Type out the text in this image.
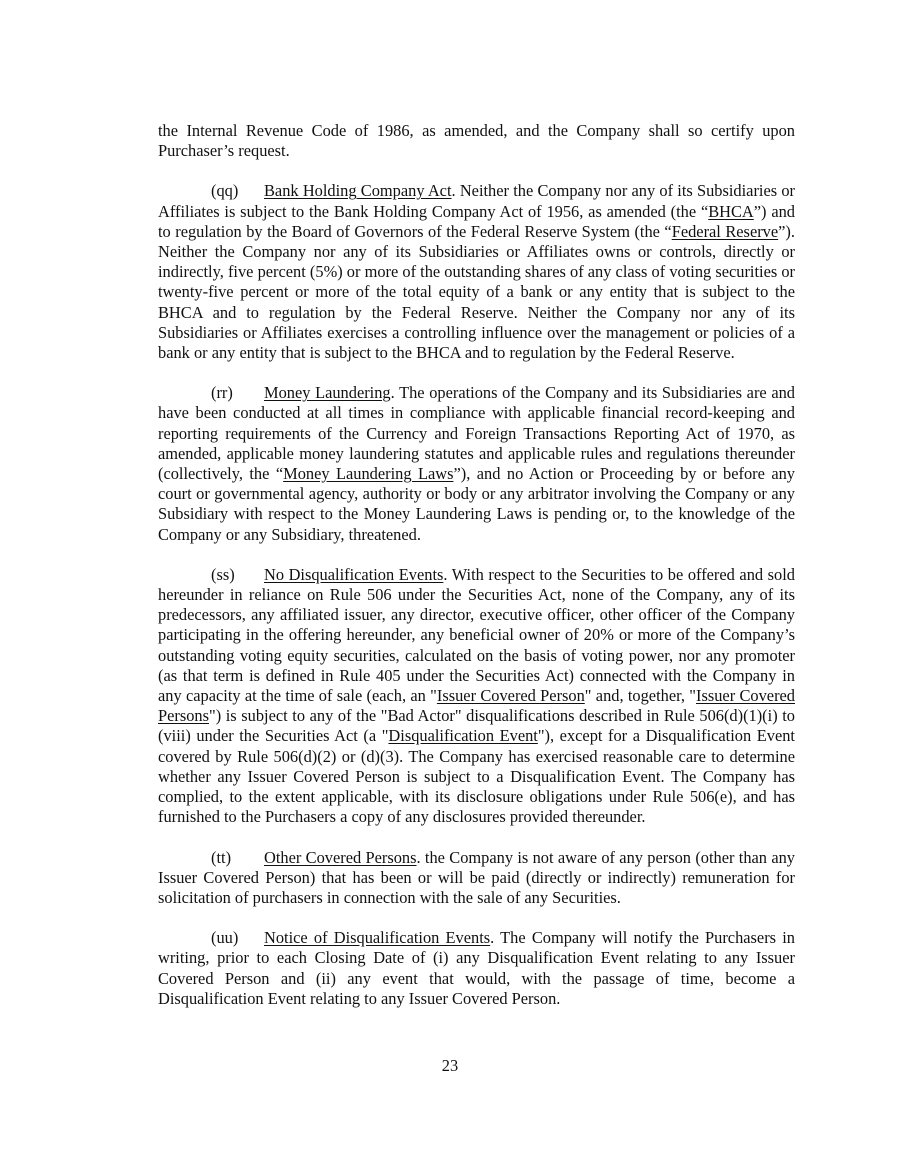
the Internal Revenue Code of 1986, as amended, and the Company shall so certify upon Purchaser’s request.

(qq) Bank Holding Company Act. Neither the Company nor any of its Subsidiaries or Affiliates is subject to the Bank Holding Company Act of 1956, as amended (the “BHCA”) and to regulation by the Board of Governors of the Federal Reserve System (the “Federal Reserve”). Neither the Company nor any of its Subsidiaries or Affiliates owns or controls, directly or indirectly, five percent (5%) or more of the outstanding shares of any class of voting securities or twenty-five percent or more of the total equity of a bank or any entity that is subject to the BHCA and to regulation by the Federal Reserve. Neither the Company nor any of its Subsidiaries or Affiliates exercises a controlling influence over the management or policies of a bank or any entity that is subject to the BHCA and to regulation by the Federal Reserve.

(rr) Money Laundering. The operations of the Company and its Subsidiaries are and have been conducted at all times in compliance with applicable financial record-keeping and reporting requirements of the Currency and Foreign Transactions Reporting Act of 1970, as amended, applicable money laundering statutes and applicable rules and regulations thereunder (collectively, the “Money Laundering Laws”), and no Action or Proceeding by or before any court or governmental agency, authority or body or any arbitrator involving the Company or any Subsidiary with respect to the Money Laundering Laws is pending or, to the knowledge of the Company or any Subsidiary, threatened.

(ss) No Disqualification Events. With respect to the Securities to be offered and sold hereunder in reliance on Rule 506 under the Securities Act, none of the Company, any of its predecessors, any affiliated issuer, any director, executive officer, other officer of the Company participating in the offering hereunder, any beneficial owner of 20% or more of the Company’s outstanding voting equity securities, calculated on the basis of voting power, nor any promoter (as that term is defined in Rule 405 under the Securities Act) connected with the Company in any capacity at the time of sale (each, an "Issuer Covered Person" and, together, "Issuer Covered Persons") is subject to any of the "Bad Actor" disqualifications described in Rule 506(d)(1)(i) to (viii) under the Securities Act (a "Disqualification Event"), except for a Disqualification Event covered by Rule 506(d)(2) or (d)(3). The Company has exercised reasonable care to determine whether any Issuer Covered Person is subject to a Disqualification Event. The Company has complied, to the extent applicable, with its disclosure obligations under Rule 506(e), and has furnished to the Purchasers a copy of any disclosures provided thereunder.

(tt) Other Covered Persons. the Company is not aware of any person (other than any Issuer Covered Person) that has been or will be paid (directly or indirectly) remuneration for solicitation of purchasers in connection with the sale of any Securities.

(uu) Notice of Disqualification Events. The Company will notify the Purchasers in writing, prior to each Closing Date of (i) any Disqualification Event relating to any Issuer Covered Person and (ii) any event that would, with the passage of time, become a Disqualification Event relating to any Issuer Covered Person.

23
